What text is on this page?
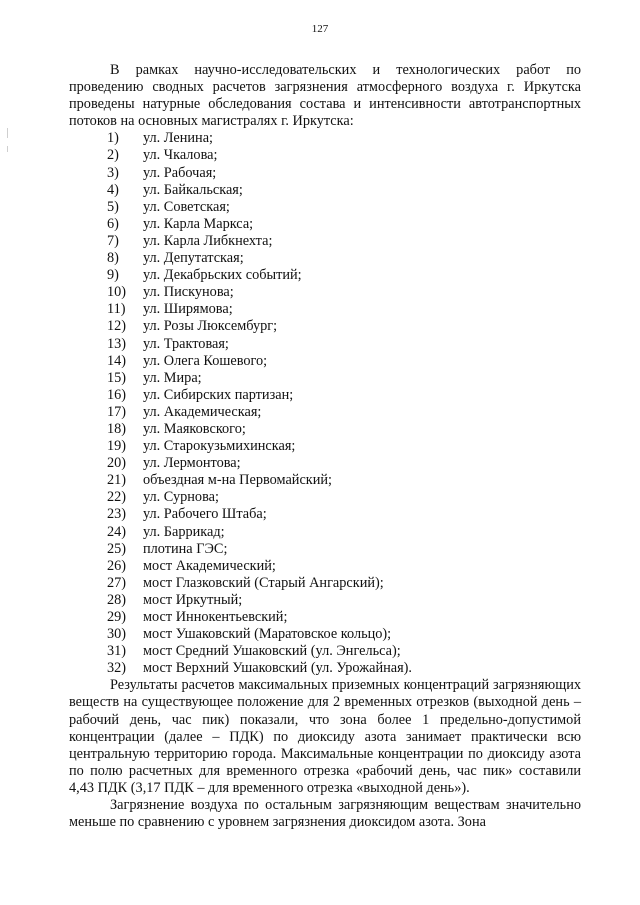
127

В рамках научно-исследовательских и технологических работ по проведению сводных расчетов загрязнения атмосферного воздуха г. Иркутска проведены натурные обследования состава и интенсивности автотранспортных потоков на основных магистралях г. Иркутска:

1)	ул. Ленина;
2)	ул. Чкалова;
3)	ул. Рабочая;
4)	ул. Байкальская;
5)	ул. Советская;
6)	ул. Карла Маркса;
7)	ул. Карла Либкнехта;
8)	ул. Депутатская;
9)	ул. Декабрьских событий;
10)	ул. Пискунова;
11)	ул. Ширямова;
12)	ул. Розы Люксембург;
13)	ул. Трактовая;
14)	ул. Олега Кошевого;
15)	ул. Мира;
16)	ул. Сибирских партизан;
17)	ул. Академическая;
18)	ул. Маяковского;
19)	ул. Старокузьмихинская;
20)	ул. Лермонтова;
21)	объездная м-на Первомайский;
22)	ул. Сурнова;
23)	ул. Рабочего Штаба;
24)	ул. Баррикад;
25)	плотина ГЭС;
26)	мост Академический;
27)	мост Глазковский (Старый Ангарский);
28)	мост Иркутный;
29)	мост Иннокентьевский;
30)	мост Ушаковский (Маратовское кольцо);
31)	мост Средний Ушаковский (ул. Энгельса);
32)	мост Верхний Ушаковский (ул. Урожайная).

Результаты расчетов максимальных приземных концентраций загрязняющих веществ на существующее положение для 2 временных отрезков (выходной день – рабочий день, час пик) показали, что зона более 1 предельно-допустимой концентрации (далее – ПДК) по диоксиду азота занимает практически всю центральную территорию города. Максимальные концентрации по диоксиду азота по полю расчетных для временного отрезка «рабочий день, час пик» составили 4,43 ПДК (3,17 ПДК – для временного отрезка «выходной день»).

Загрязнение воздуха по остальным загрязняющим веществам значительно меньше по сравнению с уровнем загрязнения диоксидом азота. Зона
